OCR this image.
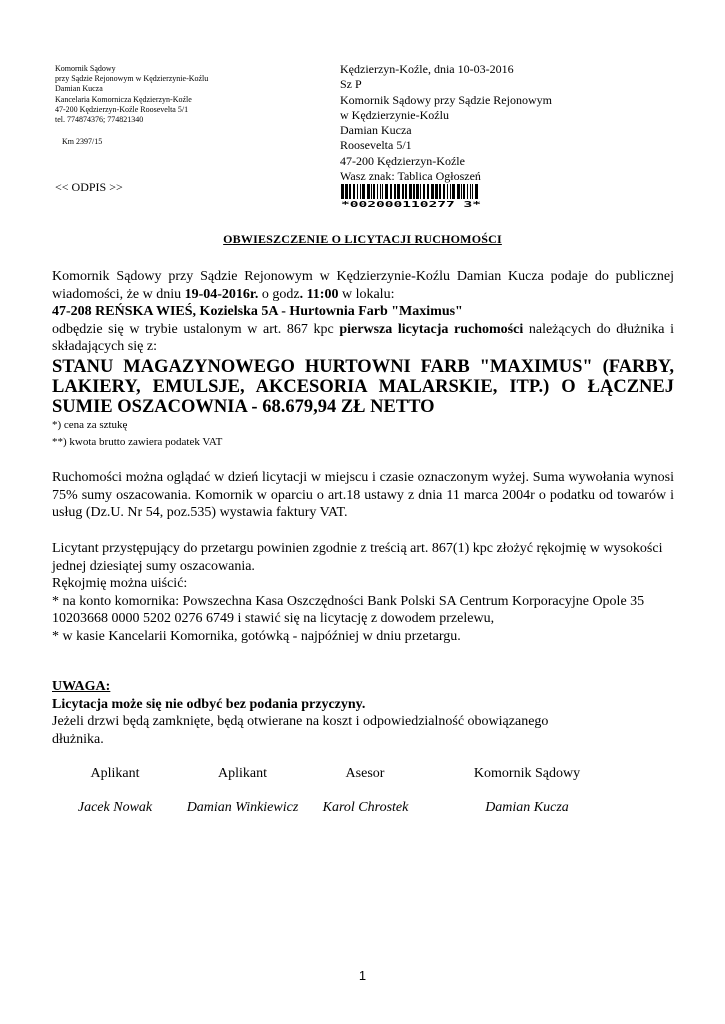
Komornik Sądowy
przy Sądzie Rejonowym w Kędzierzynie-Koźlu
Damian Kucza
Kancelaria Komornicza Kędzierzyn-Koźle
47-200 Kędzierzyn-Koźle Roosevelta 5/1
tel. 774874376; 774821340
Km 2397/15
<< ODPIS >>
Kędzierzyn-Koźle, dnia 10-03-2016
Sz P
Komornik Sądowy przy Sądzie Rejonowym
w Kędzierzynie-Koźlu
Damian Kucza
Roosevelta 5/1
47-200 Kędzierzyn-Koźle
Wasz znak: Tablica Ogłoszeń
*002000110277 3*
OBWIESZCZENIE O LICYTACJI RUCHOMOŚCI
Komornik Sądowy przy Sądzie Rejonowym w Kędzierzynie-Koźlu Damian Kucza podaje do publicznej wiadomości, że w dniu 19-04-2016r. o godz. 11:00 w lokalu:
47-208 REŃSKA WIEŚ, Kozielska 5A - Hurtownia Farb "Maximus"
odbędzie się w trybie ustalonym w art. 867 kpc pierwsza licytacja ruchomości należących do dłużnika i składających się z:
STANU MAGAZYNOWEGO HURTOWNI FARB "MAXIMUS" (FARBY, LAKIERY, EMULSJE, AKCESORIA MALARSKIE, ITP.) O ŁĄCZNEJ SUMIE OSZACOWNIA - 68.679,94 ZŁ NETTO
*) cena za sztukę
**) kwota brutto zawiera podatek VAT
Ruchomości można oglądać w dzień licytacji w miejscu i czasie oznaczonym wyżej. Suma wywołania wynosi 75% sumy oszacowania. Komornik w oparciu o art.18 ustawy z dnia 11 marca 2004r o podatku od towarów i usług (Dz.U. Nr 54, poz.535) wystawia faktury VAT.
Licytant przystępujący do przetargu powinien zgodnie z treścią art. 867(1) kpc złożyć rękojmię w wysokości jednej dziesiątej sumy oszacowania.
Rękojmię można uiścić:
* na konto komornika: Powszechna Kasa Oszczędności Bank Polski SA Centrum Korporacyjne Opole 35 10203668 0000 5202 0276 6749 i stawić się na licytację z dowodem przelewu,
* w kasie Kancelarii Komornika, gotówką - najpóźniej w dniu przetargu.
UWAGA:
Licytacja może się nie odbyć bez podania przyczyny.
Jeżeli drzwi będą zamknięte, będą otwierane na koszt i odpowiedzialność obowiązanego dłużnika.
Aplikant	Aplikant	Asesor	Komornik Sądowy
Jacek Nowak	Damian Winkiewicz	Karol Chrostek	Damian Kucza
1
